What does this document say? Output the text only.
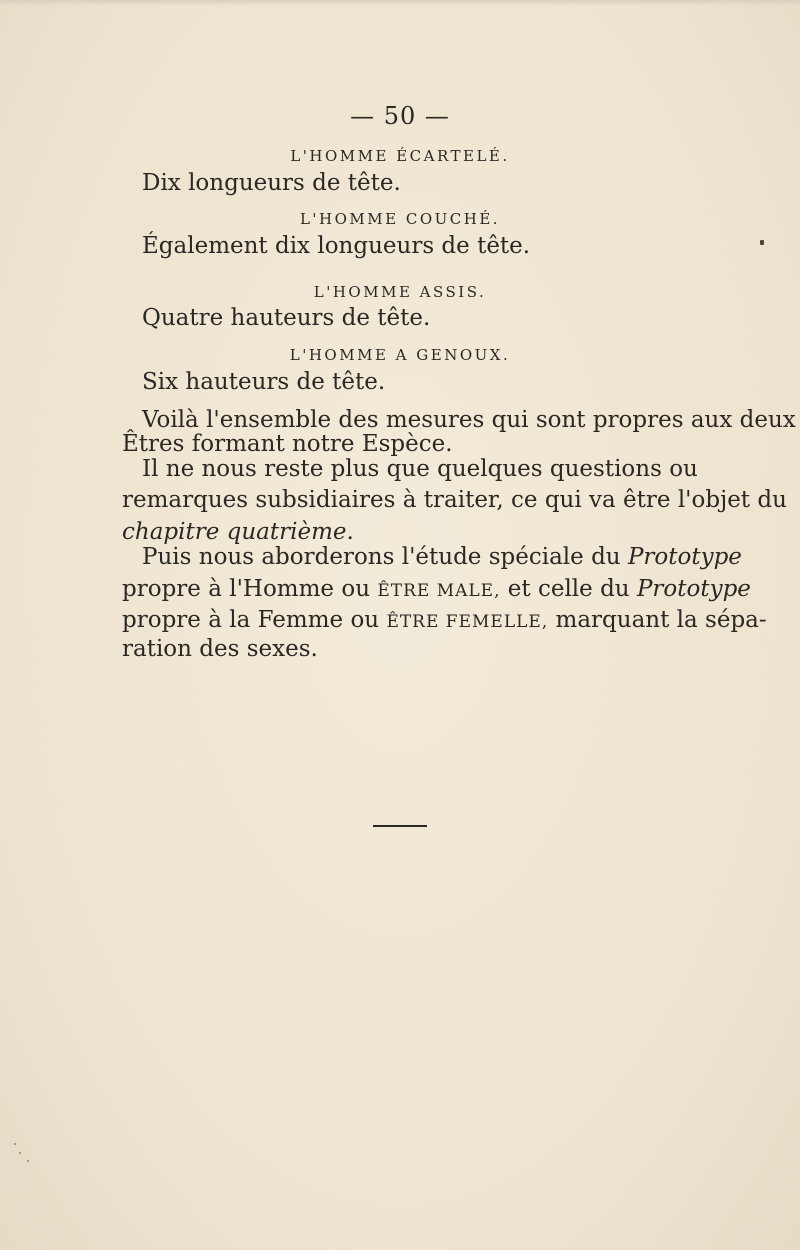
— 50 —
L'HOMME ÉCARTELÉ.
Dix longueurs de tête.
L'HOMME COUCHÉ.
Également dix longueurs de tête.
L'HOMME ASSIS.
Quatre hauteurs de tête.
L'HOMME A GENOUX.
Six hauteurs de tête.
Voilà l'ensemble des mesures qui sont propres aux deux
Êtres formant notre Espèce.
Il ne nous reste plus que quelques questions ou
remarques subsidiaires à traiter, ce qui va être l'objet du
chapitre quatrième.
Puis nous aborderons l'étude spéciale du Prototype
propre à l'Homme ou ÊTRE MALE, et celle du Prototype
propre à la Femme ou ÊTRE FEMELLE, marquant la sépa-
ration des sexes.
